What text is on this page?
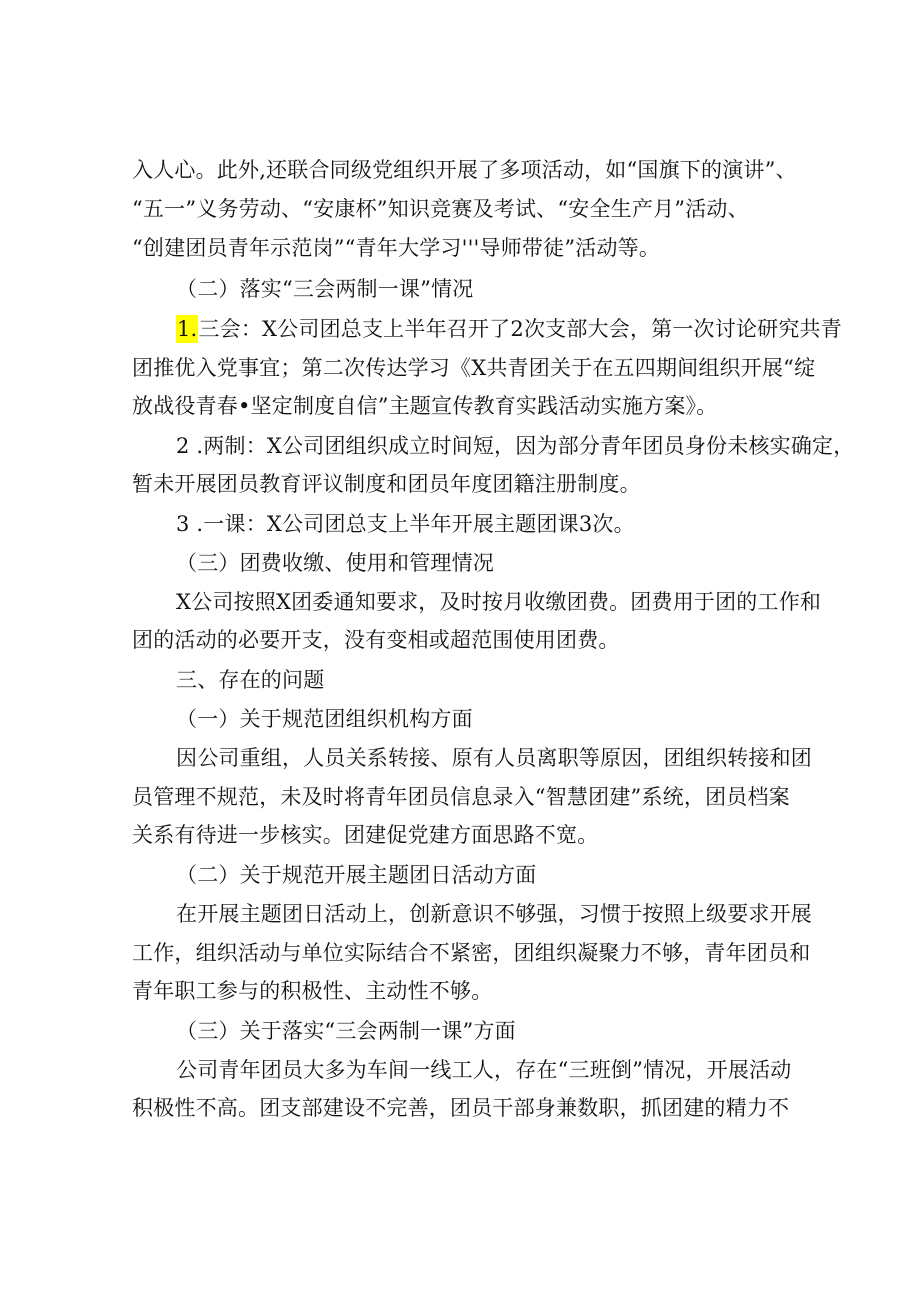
入人心。此外,还联合同级党组织开展了多项活动，如“国旗下的演讲”、
“五一”义务劳动、“安康杯”知识竞赛及考试、“安全生产月”活动、
“创建团员青年示范岗”“青年大学习'''导师带徒”活动等。
（二）落实“三会两制一课”情况
1.三会：X公司团总支上半年召开了2次支部大会，第一次讨论研究共青
团推优入党事宜；第二次传达学习《X共青团关于在五四期间组织开展“绽
放战役青春•坚定制度自信”主题宣传教育实践活动实施方案》。
2 .两制：X公司团组织成立时间短，因为部分青年团员身份未核实确定，
暂未开展团员教育评议制度和团员年度团籍注册制度。
3 .一课：X公司团总支上半年开展主题团课3次。
（三）团费收缴、使用和管理情况
X公司按照X团委通知要求，及时按月收缴团费。团费用于团的工作和
团的活动的必要开支，没有变相或超范围使用团费。
三、存在的问题
（一）关于规范团组织机构方面
因公司重组，人员关系转接、原有人员离职等原因，团组织转接和团
员管理不规范，未及时将青年团员信息录入“智慧团建”系统，团员档案
关系有待进一步核实。团建促党建方面思路不宽。
（二）关于规范开展主题团日活动方面
在开展主题团日活动上，创新意识不够强，习惯于按照上级要求开展
工作，组织活动与单位实际结合不紧密，团组织凝聚力不够，青年团员和
青年职工参与的积极性、主动性不够。
（三）关于落实“三会两制一课”方面
公司青年团员大多为车间一线工人，存在“三班倒”情况，开展活动
积极性不高。团支部建设不完善，团员干部身兼数职，抓团建的精力不
